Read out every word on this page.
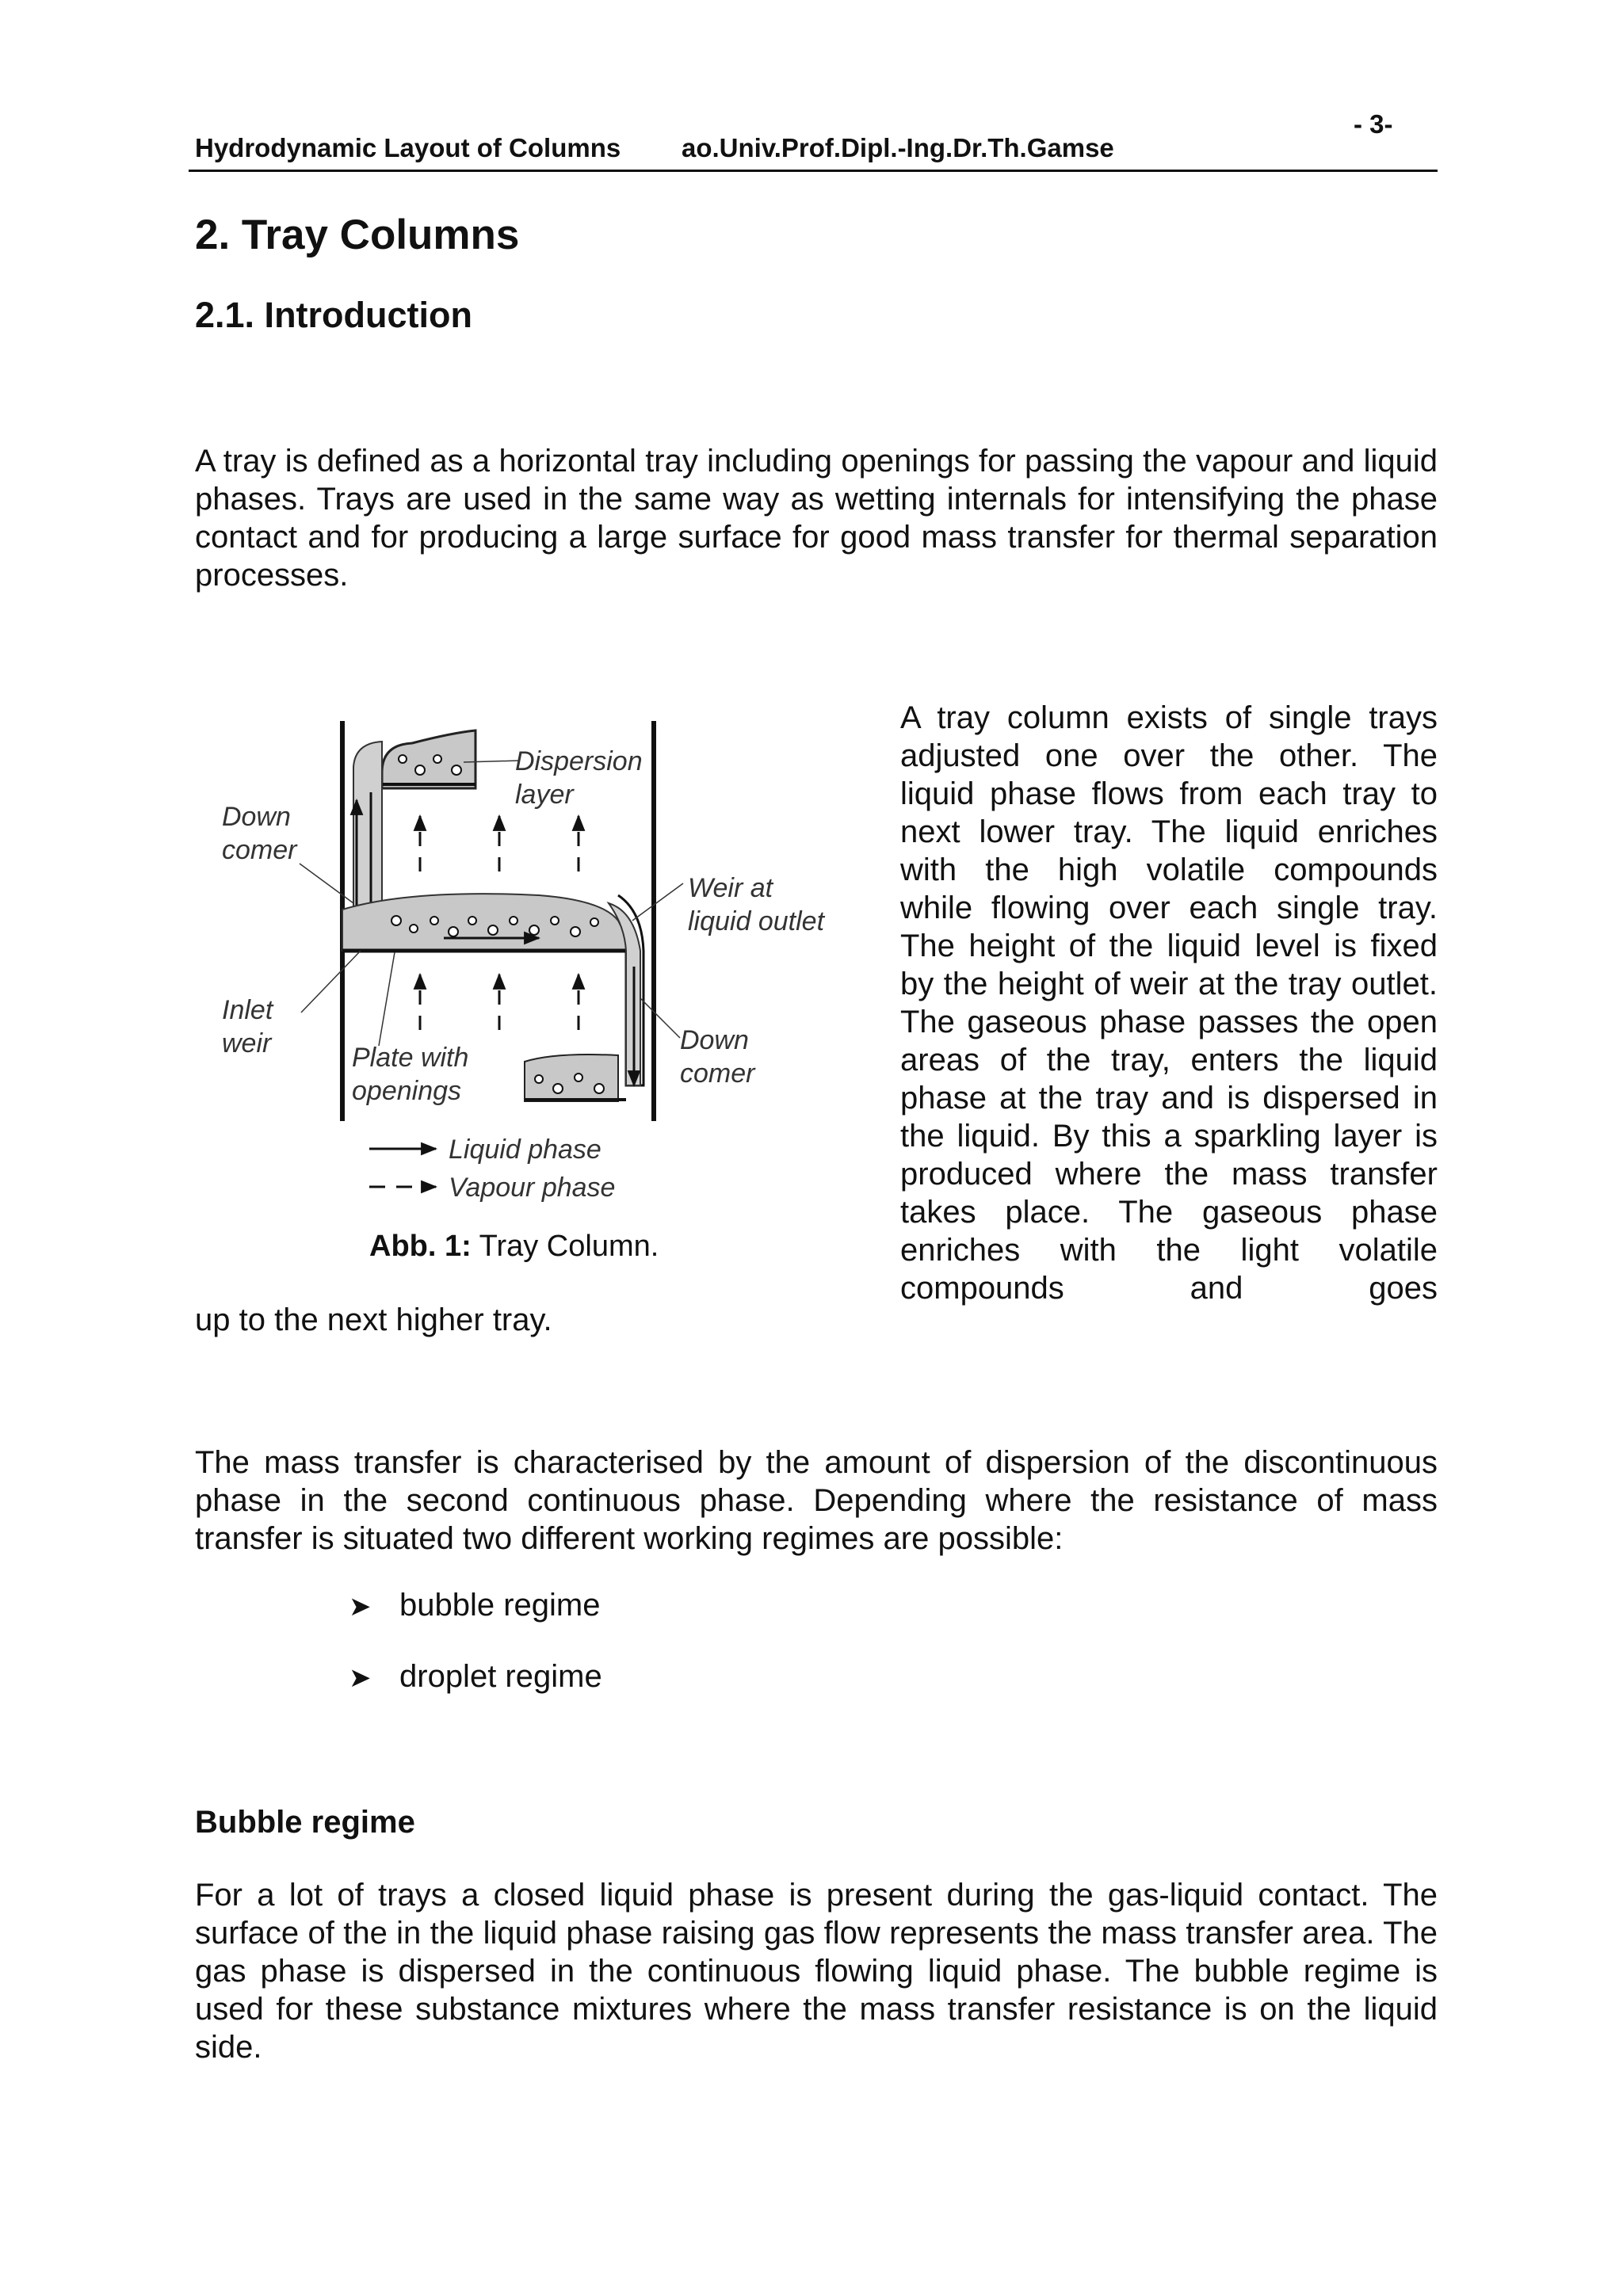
Hydrodynamic Layout of Columns ao.Univ.Prof.Dipl.-Ing.Dr.Th.Gamse
- 3-
2. Tray Columns
2.1. Introduction
A tray is defined as a horizontal tray including openings for passing the vapour and liquid phases. Trays are used in the same way as wetting internals for intensifying the phase contact and for producing a large surface for good mass transfer for thermal separation processes.
Down
comer
Dispersion
layer
Weir at
liquid outlet
Inlet
weir	Plate with
openings
Down
comer
Liquid phase
Vapour phase
Abb. 1: Tray Column.
A tray column exists of single trays adjusted one over the other. The liquid phase flows from each tray to next lower tray. The liquid enriches with the high volatile compounds while flowing over each single tray. The height of the liquid level is fixed by the height of weir at the tray outlet. The gaseous phase passes the open areas of the tray, enters the liquid phase at the tray and is dispersed in the liquid. By this a sparkling layer is produced where the mass transfer takes place. The gaseous phase enriches with the light volatile compounds and goes
up to the next higher tray.
The mass transfer is characterised by the amount of dispersion of the discontinuous phase in the second continuous phase. Depending where the resistance of mass transfer is situated two different working regimes are possible:
➤ bubble regime
➤ droplet regime
Bubble regime
For a lot of trays a closed liquid phase is present during the gas-liquid contact. The surface of the in the liquid phase raising gas flow represents the mass transfer area. The gas phase is dispersed in the continuous flowing liquid phase. The bubble regime is used for these substance mixtures where the mass transfer resistance is on the liquid side.
